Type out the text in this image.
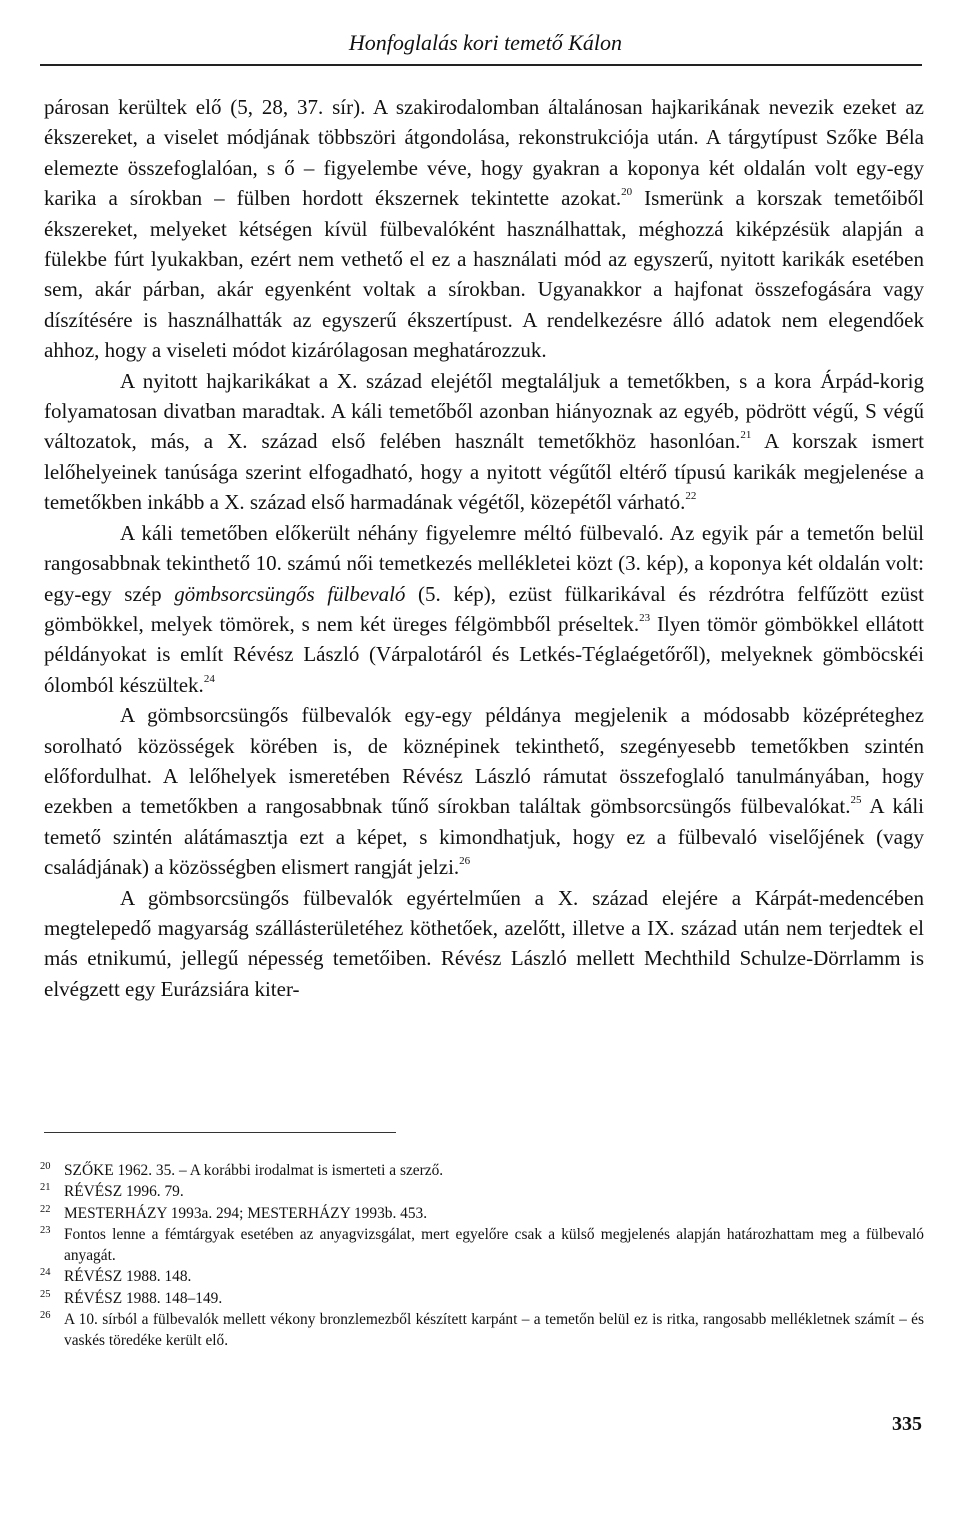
Honfoglalás kori temető Kálon

párosan kerültek elő (5, 28, 37. sír). A szakirodalomban általánosan hajkarikának nevezik ezeket az ékszereket, a viselet módjának többszöri átgondolása, rekonstrukciója után. A tárgytípust Szőke Béla elemezte összefoglalóan, s ő – figyelembe véve, hogy gyakran a koponya két oldalán volt egy-egy karika a sírokban – fülben hordott ékszernek tekintette azokat.$^{20}$ Ismerünk a korszak temetőiből ékszereket, melyeket kétségen kívül fülbevalóként használhattak, méghozzá kiképzésük alapján a fülekbe fúrt lyukakban, ezért nem vethető el ez a használati mód az egyszerű, nyitott karikák esetében sem, akár párban, akár egyenként voltak a sírokban. Ugyanakkor a hajfonat összefogására vagy díszítésére is használhatták az egyszerű ékszertípust. A rendelkezésre álló adatok nem elegendőek ahhoz, hogy a viseleti módot kizárólagosan meghatározzuk.

A nyitott hajkarikákat a X. század elejétől megtaláljuk a temetőkben, s a kora Árpád-korig folyamatosan divatban maradtak. A káli temetőből azonban hiányoznak az egyéb, pödrött végű, S végű változatok, más, a X. század első felében használt temetőkhöz hasonlóan.$^{21}$ A korszak ismert lelőhelyeinek tanúsága szerint elfogadható, hogy a nyitott végűtől eltérő típusú karikák megjelenése a temetőkben inkább a X. század első harmadának végétől, közepétől várható.$^{22}$

A káli temetőben előkerült néhány figyelemre méltó fülbevaló. Az egyik pár a temetőn belül rangosabbnak tekinthető 10. számú női temetkezés mellékletei közt (3. kép), a koponya két oldalán volt: egy-egy szép gömbsorcsüngős fülbevaló (5. kép), ezüst fülkarikával és rézdrótra felfűzött ezüst gömbökkel, melyek tömörek, s nem két üreges félgömbből préseltek.$^{23}$ Ilyen tömör gömbökkel ellátott példányokat is említ Révész László (Várpalotáról és Letkés-Téglaégetőről), melyeknek gömböcskéi ólomból készültek.$^{24}$

A gömbsorcsüngős fülbevalók egy-egy példánya megjelenik a módosabb középréteghez sorolható közösségek körében is, de köznépinek tekinthető, szegényesebb temetőkben szintén előfordulhat. A lelőhelyek ismeretében Révész László rámutat összefoglaló tanulmányában, hogy ezekben a temetőkben a rangosabbnak tűnő sírokban találtak gömbsorcsüngős fülbevalókat.$^{25}$ A káli temető szintén alátámasztja ezt a képet, s kimondhatjuk, hogy ez a fülbevaló viselőjének (vagy családjának) a közösségben elismert rangját jelzi.$^{26}$

A gömbsorcsüngős fülbevalók egyértelműen a X. század elejére a Kárpát-medencében megtelepedő magyarság szállásterületéhez köthetőek, azelőtt, illetve a IX. század után nem terjedtek el más etnikumú, jellegű népesség temetőiben. Révész László mellett Mechthild Schulze-Dörrlamm is elvégzett egy Eurázsiára kiter-

20 SZŐKE 1962. 35. – A korábbi irodalmat is ismerteti a szerző.
21 RÉVÉSZ 1996. 79.
22 MESTERHÁZY 1993a. 294; MESTERHÁZY 1993b. 453.
23 Fontos lenne a fémtárgyak esetében az anyagvizsgálat, mert egyelőre csak a külső megjelenés alapján határozhattam meg a fülbevaló anyagát.
24 RÉVÉSZ 1988. 148.
25 RÉVÉSZ 1988. 148–149.
26 A 10. sírból a fülbevalók mellett vékony bronzlemezből készített karpánt – a temetőn belül ez is ritka, rangosabb mellékletnek számít – és vaskés töredéke került elő.
335
